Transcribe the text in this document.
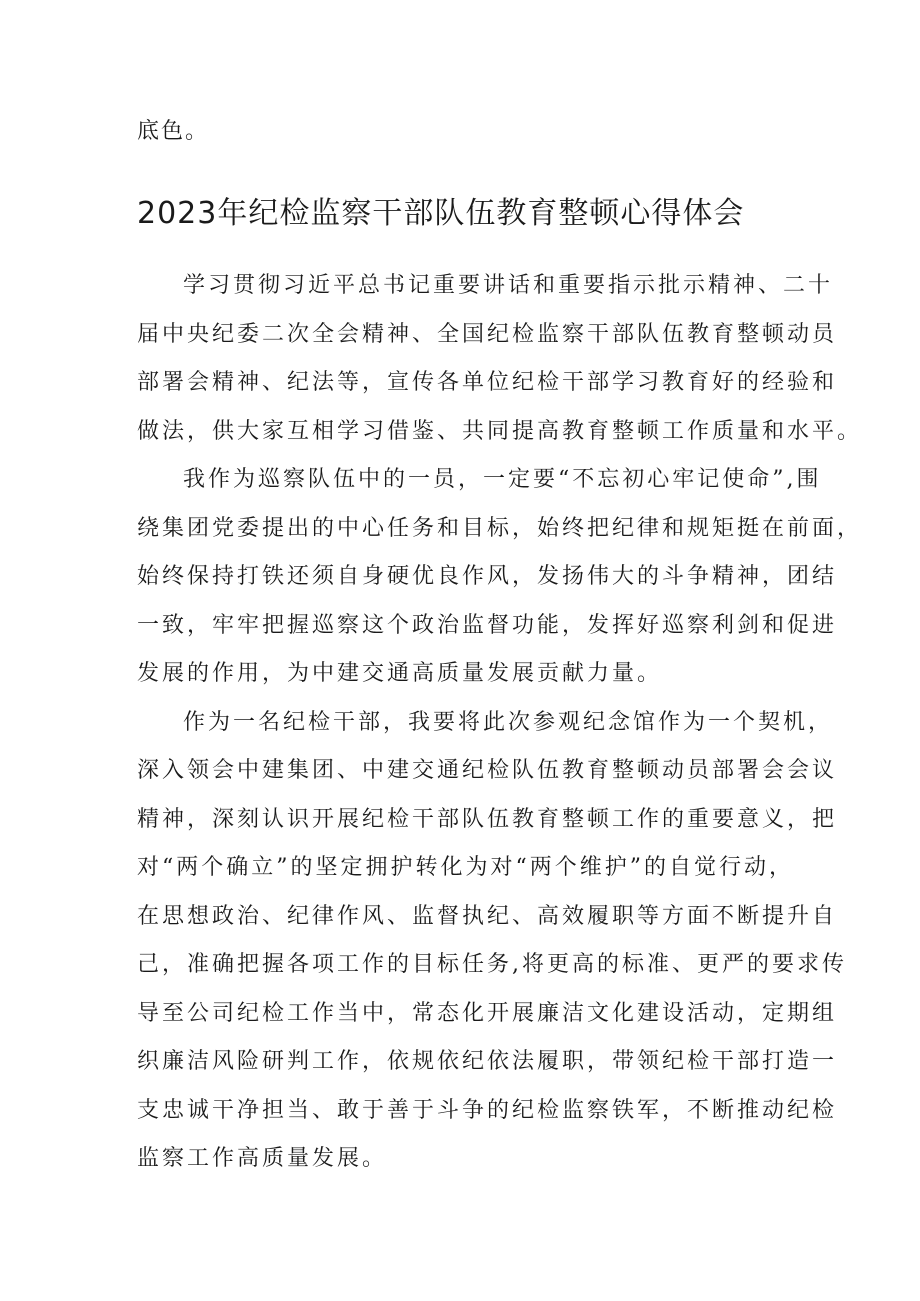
底色。

2023年纪检监察干部队伍教育整顿心得体会

学习贯彻习近平总书记重要讲话和重要指示批示精神、二十
届中央纪委二次全会精神、全国纪检监察干部队伍教育整顿动员
部署会精神、纪法等，宣传各单位纪检干部学习教育好的经验和
做法，供大家互相学习借鉴、共同提高教育整顿工作质量和水平。

我作为巡察队伍中的一员，一定要“不忘初心牢记使命”,围
绕集团党委提出的中心任务和目标，始终把纪律和规矩挺在前面，
始终保持打铁还须自身硬优良作风，发扬伟大的斗争精神，团结
一致，牢牢把握巡察这个政治监督功能，发挥好巡察利剑和促进
发展的作用，为中建交通高质量发展贡献力量。

作为一名纪检干部，我要将此次参观纪念馆作为一个契机，
深入领会中建集团、中建交通纪检队伍教育整顿动员部署会会议
精神，深刻认识开展纪检干部队伍教育整顿工作的重要意义，把
对“两个确立”的坚定拥护转化为对“两个维护”的自觉行动，
在思想政治、纪律作风、监督执纪、高效履职等方面不断提升自
己，准确把握各项工作的目标任务,将更高的标准、更严的要求传
导至公司纪检工作当中，常态化开展廉洁文化建设活动，定期组
织廉洁风险研判工作，依规依纪依法履职，带领纪检干部打造一
支忠诚干净担当、敢于善于斗争的纪检监察铁军，不断推动纪检
监察工作高质量发展。
